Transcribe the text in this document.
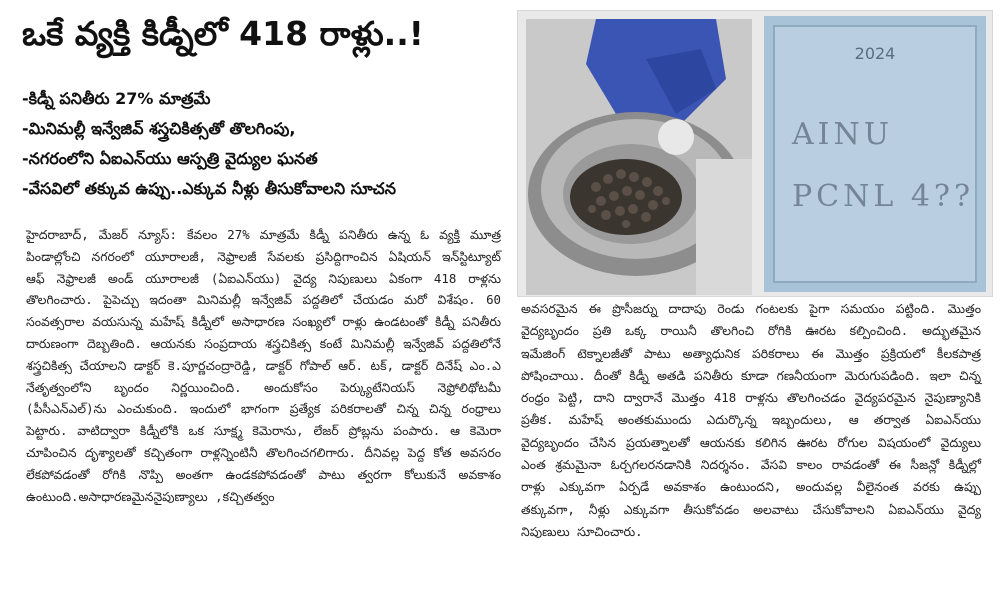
ఒకే వ్యక్తి కిడ్నీలో 418 రాళ్లు..!
-కిడ్నీ పనితీరు 27% మాత్రమే
-మినిమల్లీ ఇన్వేజివ్ శస్త్రచికిత్సతో తొలగింపు,
-నగరంలోని ఏఐఎన్‌యు ఆస్పత్రి వైద్యుల ఘనత
-వేసవిలో తక్కువ ఉప్పు..ఎక్కువ నీళ్లు తీసుకోవాలని సూచన
హైదరాబాద్, మేజర్ న్యూస్: కేవలం 27% మాత్రమే కిడ్నీ పనితీరు ఉన్న ఓ వ్యక్తి మూత్ర పిండాల్లోంచి నగరంలో యూరాలజీ, నెఫ్రాలజీ సేవలకు ప్రసిద్దిగాంచిన ఏషియన్ ఇన్‌స్టిట్యూట్ ఆఫ్ నెఫ్రాలజీ అండ్ యూరాలజీ (ఏఐఎన్‌యు) వైద్య నిపుణులు ఏకంగా 418 రాళ్లను తొలగించారు. పైపెచ్చు ఇదంతా మినిమల్లీ ఇన్వేజివ్ పద్దతిలో చేయడం మరో విశేషం. 60 సంవత్సరాల వయసున్న మహేష్ కిడ్నీలో అసాధారణ సంఖ్యలో రాళ్లు ఉండటంతో కిడ్నీ పనితీరు దారుణంగా దెబ్బతింది. ఆయనకు సంప్రదాయ శస్త్రచికిత్స కంటే మినిమల్లీ ఇన్వేజివ్ పద్దతిలోనే శస్త్రచికిత్స చేయాలని డాక్టర్ కె.పూర్ణచంద్రారెడ్డి, డాక్టర్ గోపాల్ ఆర్. టక్, డాక్టర్ దినేష్ ఎం.ఎ నేతృత్వంలోని బృందం నిర్ణయించింది. అందుకోసం పెర్క్యుటేనియస్ నెఫ్రోలిథోటమీ (పీసీఎన్ఎల్)ను ఎంచుకుంది. ఇందులో భాగంగా ప్రత్యేక పరికరాలతో చిన్న చిన్న రంధ్రాలు పెట్టారు. వాటిద్వారా కిడ్నీలోకి ఒక సూక్ష్మ కెమెరాను, లేజర్ ప్రోబ్లను పంపారు. ఆ కెమెరా చూపించిన దృశ్యాలతో కచ్చితంగా రాళ్లన్నింటినీ తొలగించగలిగారు. దీనివల్ల పెద్ద కోత అవసరం లేకపోవడంతో రోగికి నొప్పి అంతగా ఉండకపోవడంతో పాటు త్వరగా కోలుకునే అవకాశం ఉంటుంది.అసాధారణమైననైపుణ్యాలు ,కచ్చితత్వం
2024
AINU
PCNL 4??
అవసరమైన ఈ ప్రొసీజర్ను దాదాపు రెండు గంటలకు పైగా సమయం పట్టింది. మొత్తం వైద్యబృందం ప్రతి ఒక్క రాయినీ తొలగించి రోగికి ఊరట కల్పించింది. అద్భుతమైన ఇమేజింగ్ టెక్నాలజీతో పాటు అత్యాధునిక పరికరాలు ఈ మొత్తం ప్రక్రియలో కీలకపాత్ర పోషించాయి. దీంతో కిడ్నీ అతడి పనితీరు కూడా గణనీయంగా మెరుగుపడింది. ఇలా చిన్న రంధ్రం పెట్టి, దాని ద్వారానే మొత్తం 418 రాళ్లను తొలగించడం వైద్యపరమైన నైపుణ్యానికి ప్రతీక. మహేష్ అంతకుముందు ఎదుర్కొన్న ఇబ్బందులు, ఆ తర్వాత ఏఐఎన్‌యు వైద్యబృందం చేసిన ప్రయత్నాలతో ఆయనకు కలిగిన ఊరట రోగుల విషయంలో వైద్యులు ఎంత శ్రమమైనా ఓర్చగలరనడానికి నిదర్శనం. వేసవి కాలం రావడంతో ఈ సీజన్లో కిడ్నీల్లో రాళ్లు ఎక్కువగా ఏర్పడే అవకాశం ఉంటుందని, అందువల్ల వీలైనంత వరకు ఉప్పు తక్కువగా, నీళ్లు ఎక్కువగా తీసుకోవడం అలవాటు చేసుకోవాలని ఏఐఎన్‌యు వైద్య నిపుణులు సూచించారు.
